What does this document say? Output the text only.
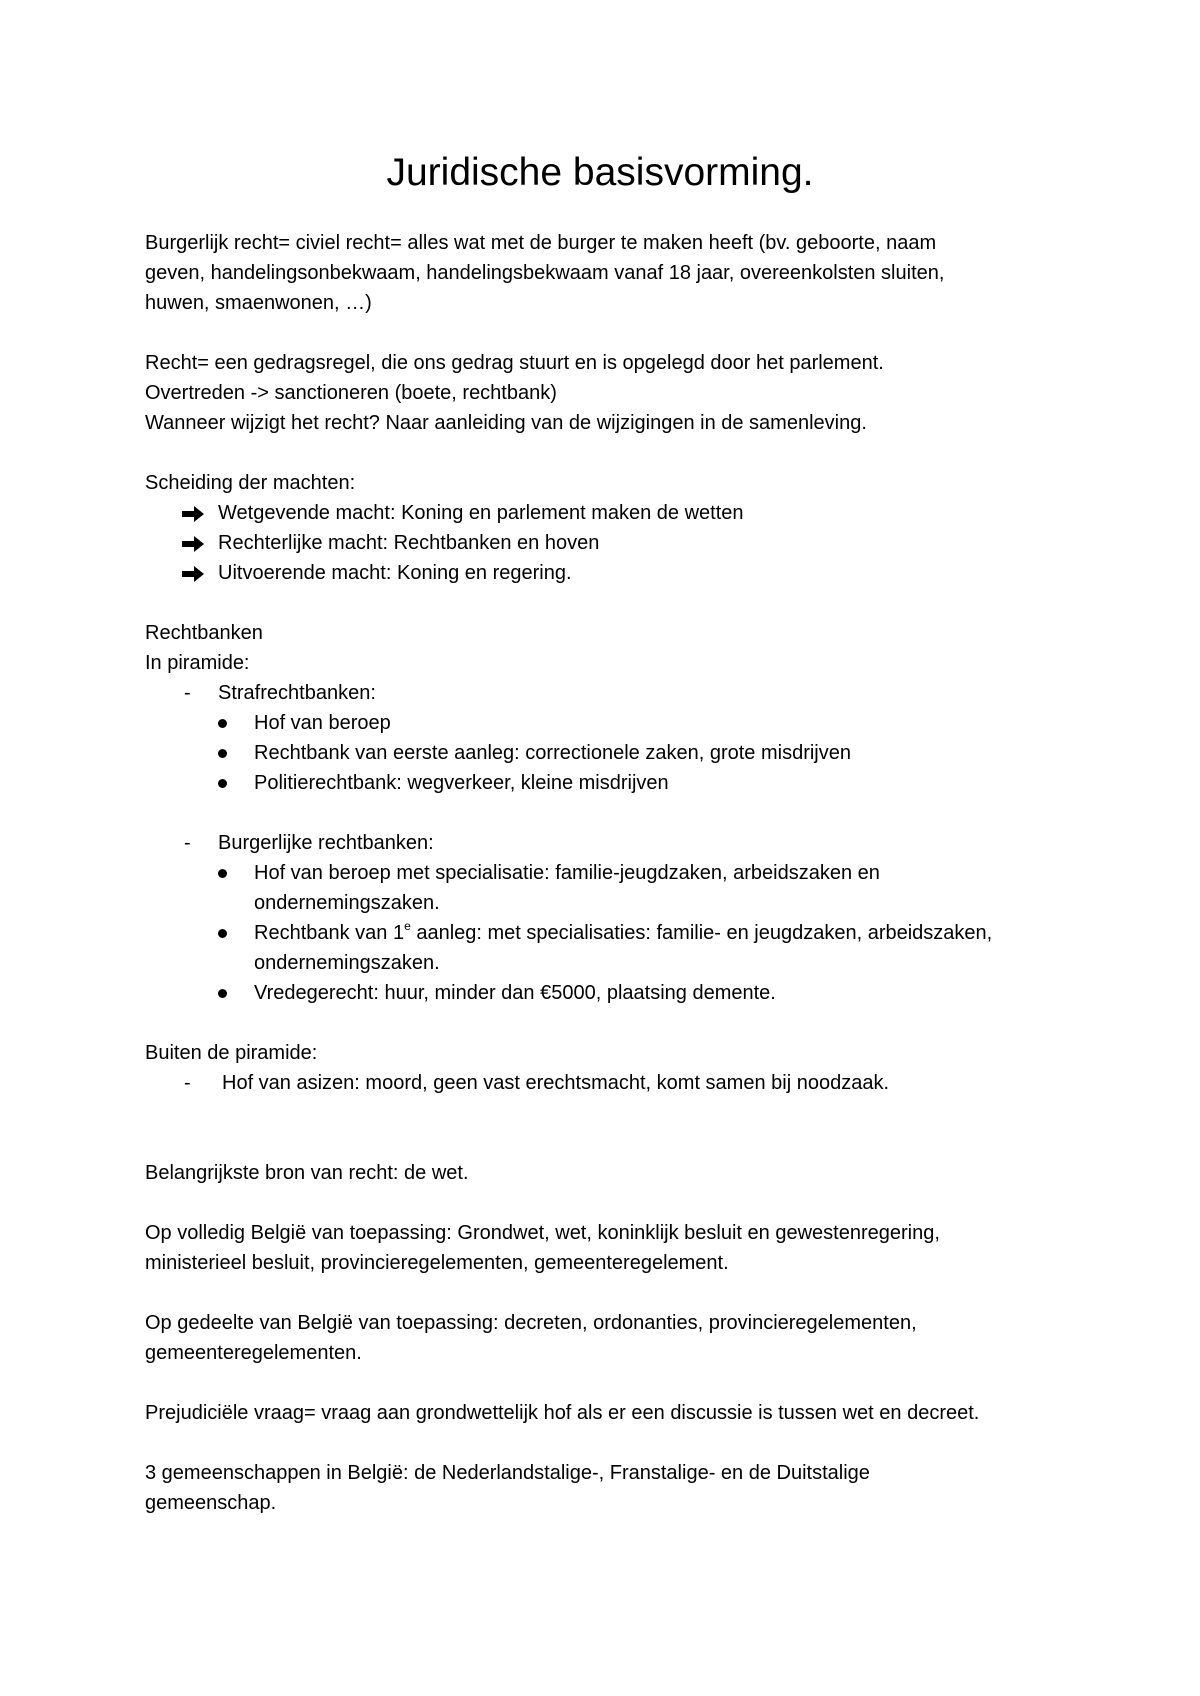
Juridische basisvorming.
Burgerlijk recht= civiel recht= alles wat met de burger te maken heeft (bv. geboorte, naam
geven, handelingsonbekwaam, handelingsbekwaam vanaf 18 jaar, overeenkolsten sluiten,
huwen, smaenwonen, …)
Recht= een gedragsregel, die ons gedrag stuurt en is opgelegd door het parlement.
Overtreden -> sanctioneren (boete, rechtbank)
Wanneer wijzigt het recht? Naar aanleiding van de wijzigingen in de samenleving.
Scheiding der machten:
Wetgevende macht: Koning en parlement maken de wetten
Rechterlijke macht: Rechtbanken en hoven
Uitvoerende macht: Koning en regering.
Rechtbanken
In piramide:
- Strafrechtbanken:
Hof van beroep
Rechtbank van eerste aanleg: correctionele zaken, grote misdrijven
Politierechtbank: wegverkeer, kleine misdrijven
- Burgerlijke rechtbanken:
Hof van beroep met specialisatie: familie-jeugdzaken, arbeidszaken en
ondernemingszaken.
Rechtbank van 1e aanleg: met specialisaties: familie- en jeugdzaken, arbeidszaken,
ondernemingszaken.
Vredegerecht: huur, minder dan €5000, plaatsing demente.
Buiten de piramide:
- Hof van asizen: moord, geen vast erechtsmacht, komt samen bij noodzaak.
Belangrijkste bron van recht: de wet.
Op volledig België van toepassing: Grondwet, wet, koninklijk besluit en gewestenregering,
ministerieel besluit, provincieregelementen, gemeenteregelement.
Op gedeelte van België van toepassing: decreten, ordonanties, provincieregelementen,
gemeenteregelementen.
Prejudiciële vraag= vraag aan grondwettelijk hof als er een discussie is tussen wet en decreet.
3 gemeenschappen in België: de Nederlandstalige-, Franstalige- en de Duitstalige
gemeenschap.
